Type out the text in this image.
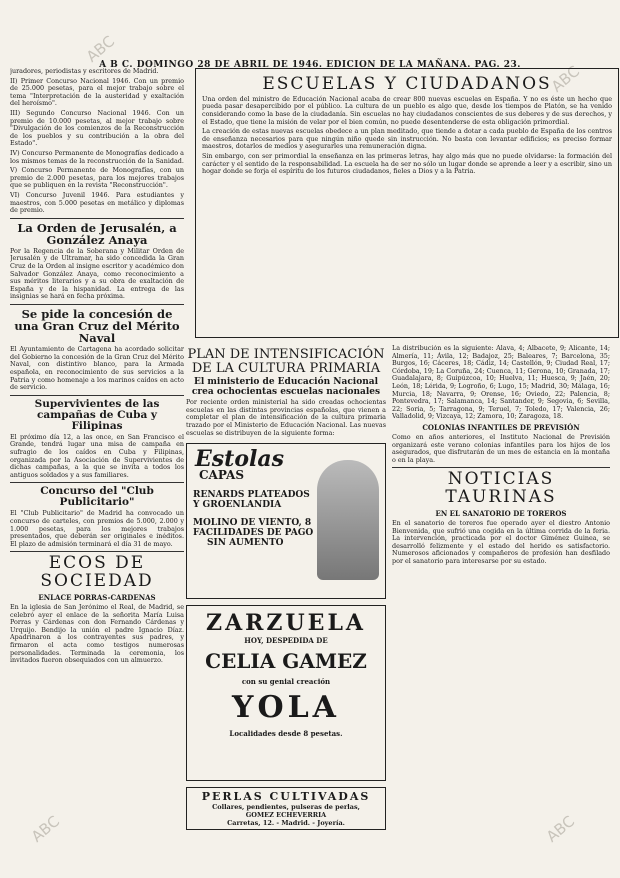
A B C. DOMINGO 28 DE ABRIL DE 1946. EDICION DE LA MAÑANA. PAG. 23.
ABC
ABC
ABC	ABC

juradores, periodistas y escritores de Madrid.

II) Primer Concurso Nacional 1946. Con un premio de 25.000 pesetas, para el mejor trabajo sobre el tema "Interpretación de la austeridad y exaltación del heroísmo".

III) Segundo Concurso Nacional 1946. Con un premio de 10.000 pesetas, al mejor trabajo sobre "Divulgación de los comienzos de la Reconstrucción de los pueblos y su contribución a la obra del Estado".

IV) Concurso Permanente de Monografías dedicado a los mismos temas de la reconstrucción de la Sanidad.

V) Concurso Permanente de Monografías, con un premio de 2.000 pesetas, para los mejores trabajos que se publiquen en la revista "Reconstrucción".

VI) Concurso Juvenil 1946. Para estudiantes y maestros, con 5.000 pesetas en metálico y diplomas de premio.

La Orden de Jerusalén, a González Anaya

Por la Regencia de la Soberana y Militar Orden de Jerusalén y de Ultramar, ha sido concedida la Gran Cruz de la Orden al insigne escritor y académico don Salvador González Anaya, como reconocimiento a sus méritos literarios y a su obra de exaltación de España y de la hispanidad. La entrega de las insignias se hará en fecha próxima.

Se pide la concesión de una Gran Cruz del Mérito Naval

El Ayuntamiento de Cartagena ha acordado solicitar del Gobierno la concesión de la Gran Cruz del Mérito Naval, con distintivo blanco, para la Armada española, en reconocimiento de sus servicios a la Patria y como homenaje a los marinos caídos en acto de servicio.

Supervivientes de las campañas de Cuba y Filipinas

El próximo día 12, a las once, en San Francisco el Grande, tendrá lugar una misa de campaña en sufragio de los caídos en Cuba y Filipinas, organizada por la Asociación de Supervivientes de dichas campañas, a la que se invita a todos los antiguos soldados y a sus familiares.

Concurso del "Club Publicitario"

El "Club Publicitario" de Madrid ha convocado un concurso de carteles, con premios de 5.000, 2.000 y 1.000 pesetas, para los mejores trabajos presentados, que deberán ser originales e inéditos. El plazo de admisión terminará el día 31 de mayo.

ECOS DE SOCIEDAD
ENLACE PORRAS-CARDENAS

En la iglesia de San Jerónimo el Real, de Madrid, se celebró ayer el enlace de la señorita María Luisa Porras y Cárdenas con don Fernando Cárdenas y Urquijo. Bendijo la unión el padre Ignacio Díaz. Apadrinaron a los contrayentes sus padres, y firmaron el acta como testigos numerosas personalidades. Terminada la ceremonia, los invitados fueron obsequiados con un almuerzo.

ESCUELAS Y CIUDADANOS

Una orden del ministro de Educación Nacional acaba de crear 800 nuevas escuelas en España. Y no es éste un hecho que pueda pasar desapercibido por el público. La cultura de un pueblo es algo que, desde los tiempos de Platón, se ha venido considerando como la base de la ciudadanía. Sin escuelas no hay ciudadanos conscientes de sus deberes y de sus derechos, y el Estado, que tiene la misión de velar por el bien común, no puede desentenderse de esta obligación primordial.

La creación de estas nuevas escuelas obedece a un plan meditado, que tiende a dotar a cada pueblo de España de los centros de enseñanza necesarios para que ningún niño quede sin instrucción. No basta con levantar edificios; es preciso formar maestros, dotarlos de medios y asegurarles una remuneración digna.

Sin embargo, con ser primordial la enseñanza en las primeras letras, hay algo más que no puede olvidarse: la formación del carácter y el sentido de la responsabilidad. La escuela ha de ser no sólo un lugar donde se aprende a leer y a escribir, sino un hogar donde se forja el espíritu de los futuros ciudadanos, fieles a Dios y a la Patria.

PLAN DE INTENSIFICACIÓN DE LA CULTURA PRIMARIA
El ministerio de Educación Nacional crea ochocientas escuelas nacionales

Por reciente orden ministerial ha sido creadas ochocientas escuelas en las distintas provincias españolas, que vienen a completar el plan de intensificación de la cultura primaria trazado por el Ministerio de Educación Nacional. Las nuevas escuelas se distribuyen de la siguiente forma:

Estolas
CAPAS
RENARDS PLATEADOS
Y GROENLANDIA
MOLINO DE VIENTO, 8
FACILIDADES DE PAGO
SIN AUMENTO
ZARZUELA
HOY, DESPEDIDA DE
CELIA GAMEZ
con su genial creación
YOLA
Localidades desde 8 pesetas.
PERLAS CULTIVADAS
Collares, pendientes, pulseras de perlas,
GOMEZ ECHEVERRIA
Carretas, 12. - Madrid. - Joyería.

La distribución es la siguiente: Álava, 4; Albacete, 9; Alicante, 14; Almería, 11; Ávila, 12; Badajoz, 25; Baleares, 7; Barcelona, 35; Burgos, 16; Cáceres, 18; Cádiz, 14; Castellón, 9; Ciudad Real, 17; Córdoba, 19; La Coruña, 24; Cuenca, 11; Gerona, 10; Granada, 17; Guadalajara, 8; Guipúzcoa, 10; Huelva, 11; Huesca, 9; Jaén, 20; León, 18; Lérida, 9; Logroño, 6; Lugo, 15; Madrid, 30; Málaga, 16; Murcia, 18; Navarra, 9; Orense, 16; Oviedo, 22; Palencia, 8; Pontevedra, 17; Salamanca, 14; Santander, 9; Segovia, 6; Sevilla, 22; Soria, 5; Tarragona, 9; Teruel, 7; Toledo, 17; Valencia, 26; Valladolid, 9; Vizcaya, 12; Zamora, 10; Zaragoza, 18.

COLONIAS INFANTILES DE PREVISIÓN

Como en años anteriores, el Instituto Nacional de Previsión organizará este verano colonias infantiles para los hijos de los asegurados, que disfrutarán de un mes de estancia en la montaña o en la playa.

NOTICIAS TAURINAS
EN EL SANATORIO DE TOREROS

En el sanatorio de toreros fue operado ayer el diestro Antonio Bienvenida, que sufrió una cogida en la última corrida de la feria. La intervención, practicada por el doctor Giménez Guinea, se desarrolló felizmente y el estado del herido es satisfactorio. Numerosos aficionados y compañeros de profesión han desfilado por el sanatorio para interesarse por su estado.
